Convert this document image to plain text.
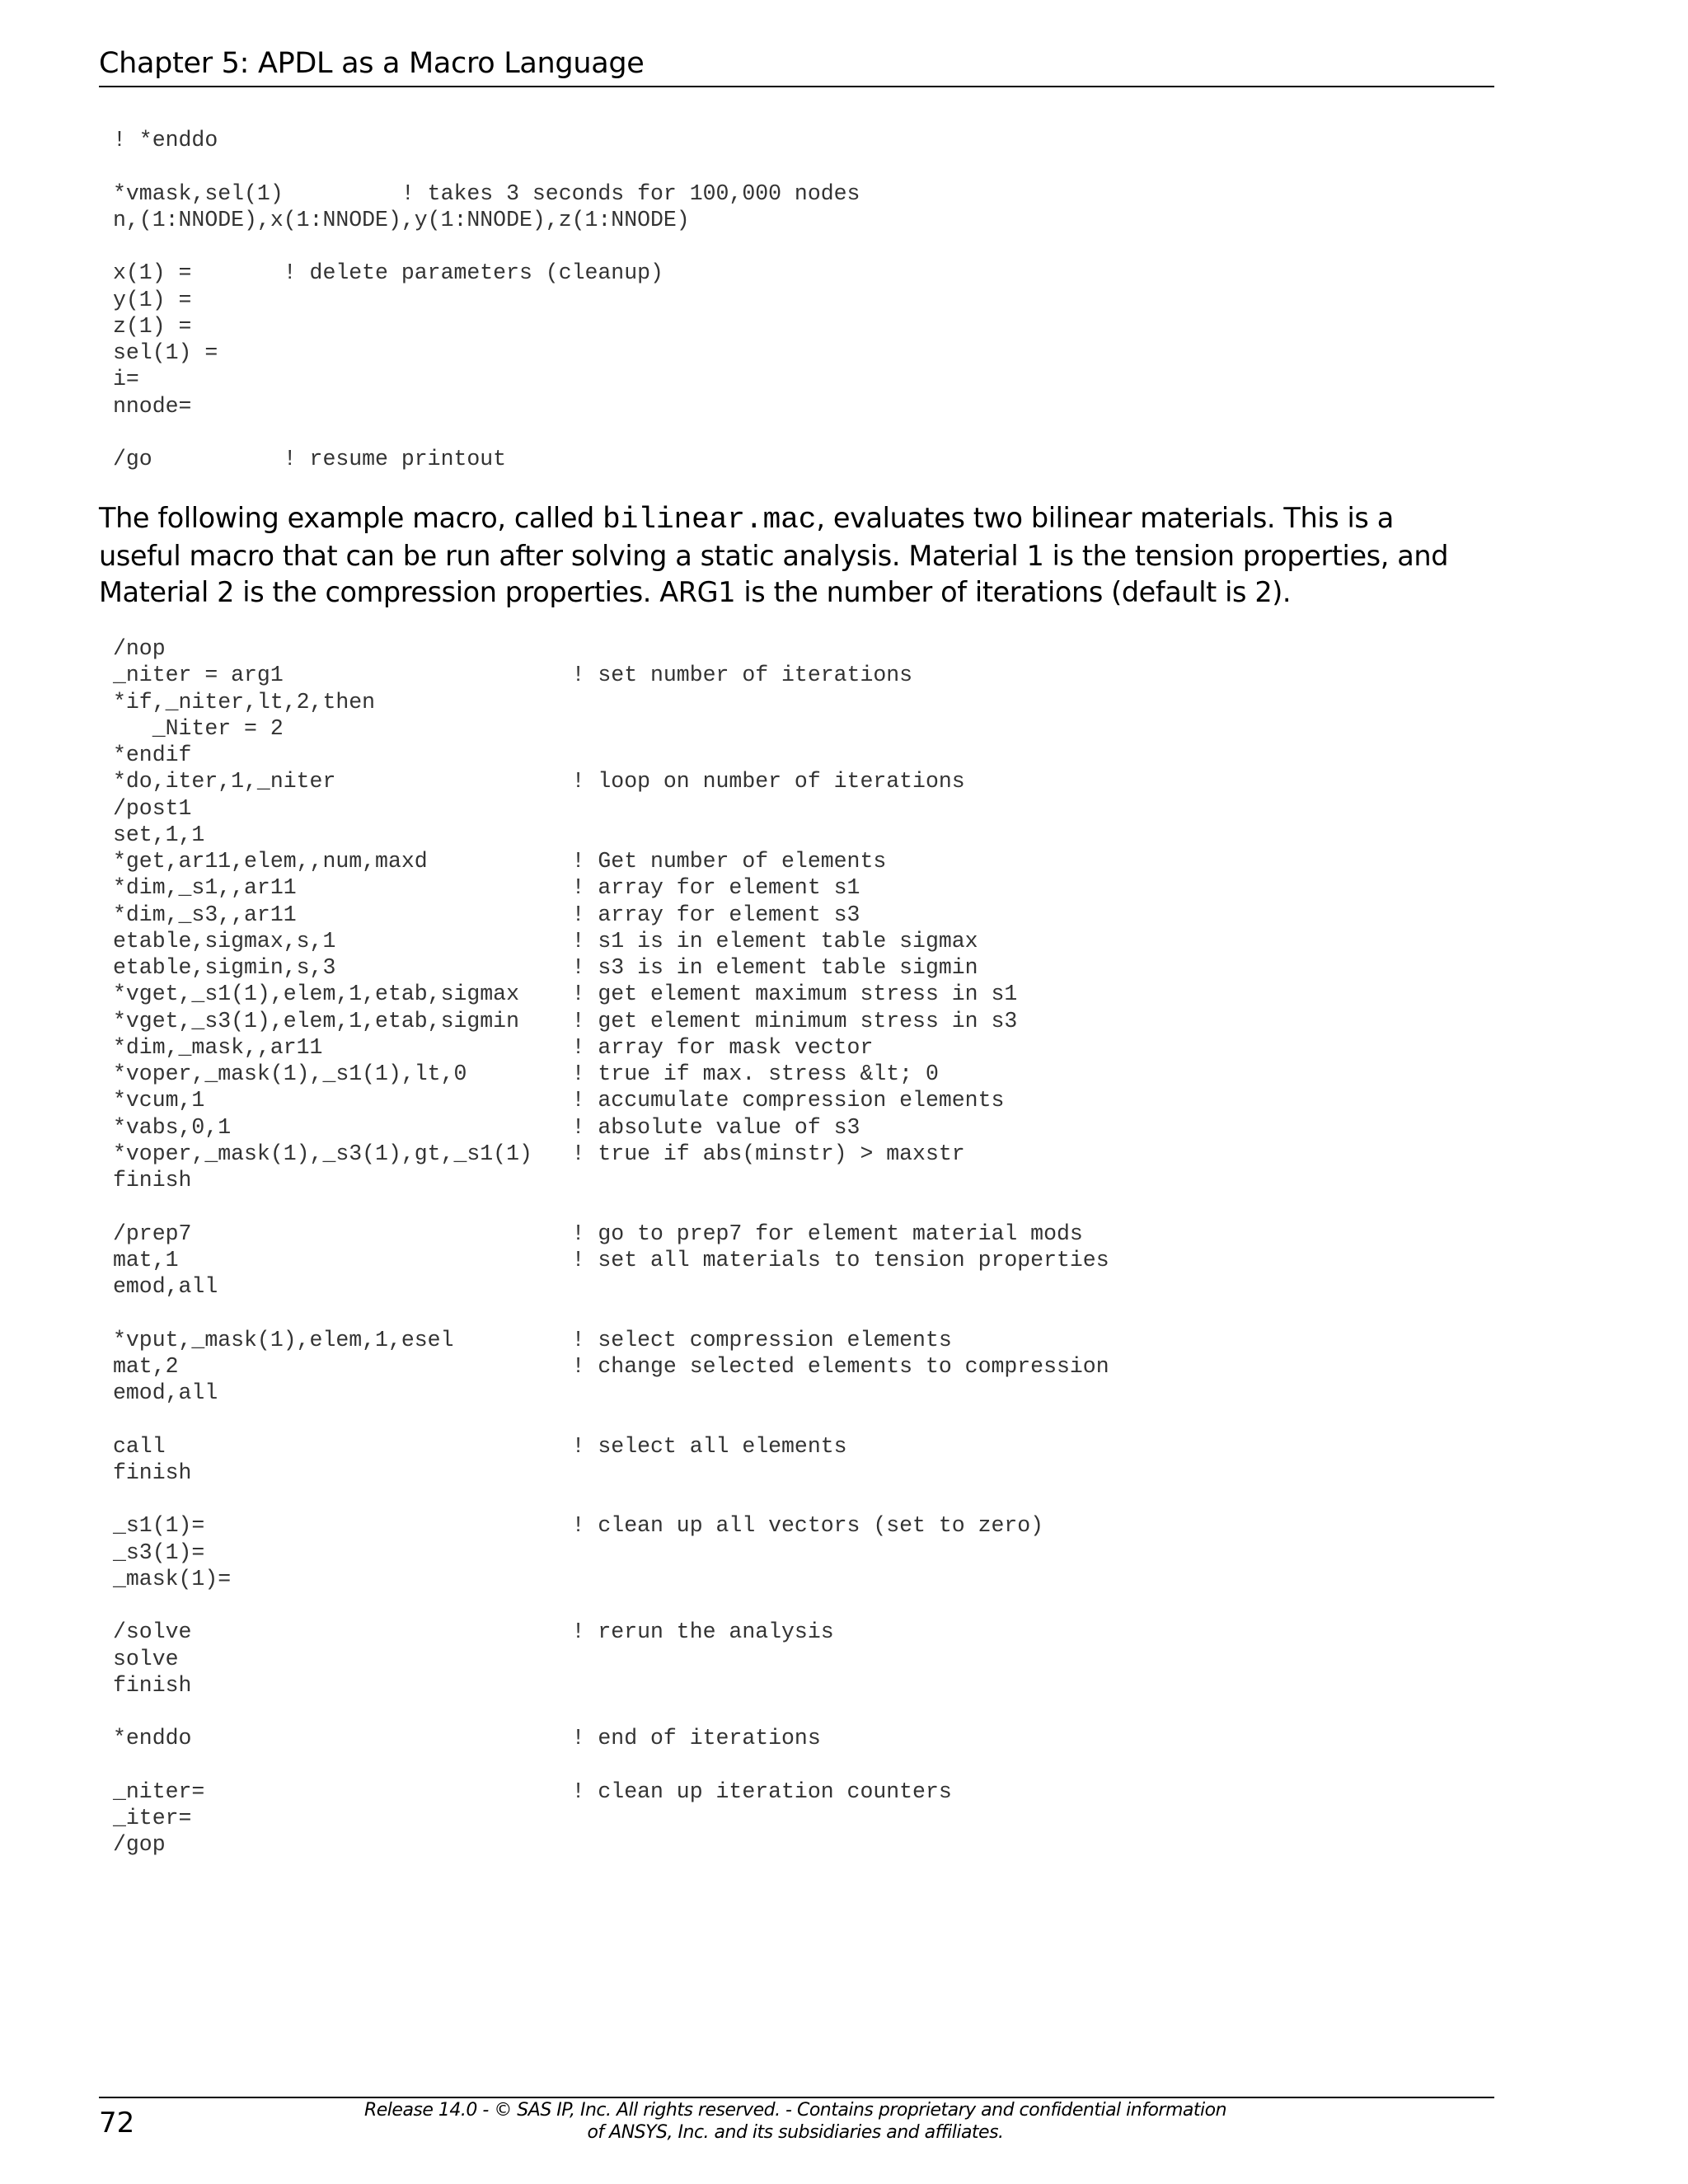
Chapter 5: APDL as a Macro Language
! *enddo

*vmask,sel(1)         ! takes 3 seconds for 100,000 nodes
n,(1:NNODE),x(1:NNODE),y(1:NNODE),z(1:NNODE)

x(1) =       ! delete parameters (cleanup)
y(1) =
z(1) =
sel(1) =
i=
nnode=

/go          ! resume printout

The following example macro, called bilinear.mac, evaluates two bilinear materials. This is a useful macro that can be run after solving a static analysis. Material 1 is the tension properties, and Material 2 is the compression properties. ARG1 is the number of iterations (default is 2).

/nop
_niter = arg1                      ! set number of iterations
*if,_niter,lt,2,then
_Niter = 2
*endif
*do,iter,1,_niter                  ! loop on number of iterations
/post1
set,1,1
*get,ar11,elem,,num,maxd           ! Get number of elements
*dim,_s1,,ar11                     ! array for element s1
*dim,_s3,,ar11                     ! array for element s3
etable,sigmax,s,1                  ! s1 is in element table sigmax
etable,sigmin,s,3                  ! s3 is in element table sigmin
*vget,_s1(1),elem,1,etab,sigmax    ! get element maximum stress in s1
*vget,_s3(1),elem,1,etab,sigmin    ! get element minimum stress in s3
*dim,_mask,,ar11                   ! array for mask vector
*voper,_mask(1),_s1(1),lt,0        ! true if max. stress &lt; 0
*vcum,1                            ! accumulate compression elements
*vabs,0,1                          ! absolute value of s3
*voper,_mask(1),_s3(1),gt,_s1(1)   ! true if abs(minstr) > maxstr
finish

/prep7                             ! go to prep7 for element material mods
mat,1                              ! set all materials to tension properties
emod,all

*vput,_mask(1),elem,1,esel         ! select compression elements
mat,2                              ! change selected elements to compression
emod,all

call                               ! select all elements
finish

_s1(1)=                            ! clean up all vectors (set to zero)
_s3(1)=
_mask(1)=

/solve                             ! rerun the analysis
solve
finish

*enddo                             ! end of iterations

_niter=                            ! clean up iteration counters
_iter=
/gop
72	Release 14.0 - © SAS IP, Inc. All rights reserved. - Contains proprietary and confidential information
of ANSYS, Inc. and its subsidiaries and affiliates.
